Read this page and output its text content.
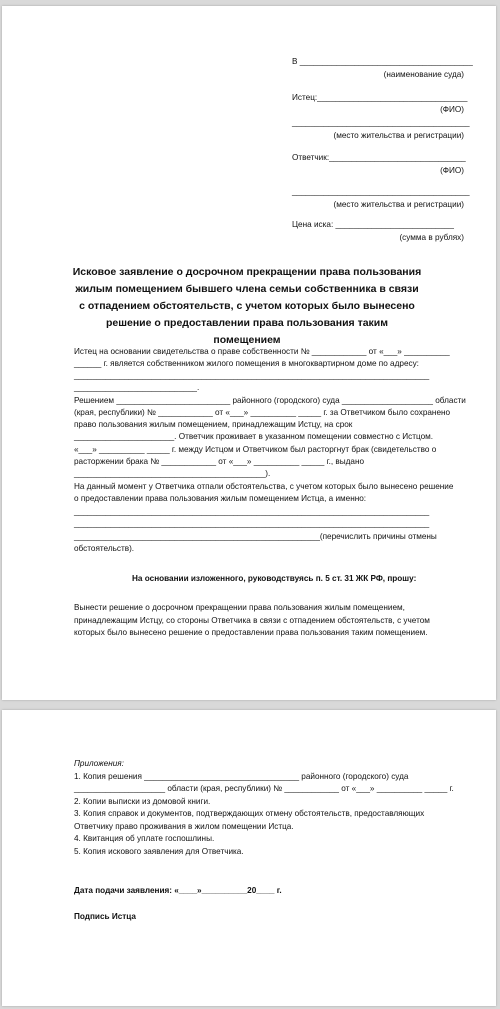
В ______________________________________
(наименование суда)
Истец:_________________________________
(ФИО)
_______________________________________
(место жительства и регистрации)
Ответчик:______________________________
(ФИО)
_______________________________________
(место жительства и регистрации)
Цена иска: __________________________
(сумма в рублях)
Исковое заявление о досрочном прекращении права пользования жилым помещением бывшего члена семьи собственника в связи с отпадением обстоятельств, с учетом которых было вынесено решение о предоставлении права пользования таким помещением
Истец на основании свидетельства о праве собственности № ____________ от «___» __________
______ г. является собственником жилого помещения в многоквартирном доме по адресу:
______________________________________________________________________________
___________________________.
Решением _________________________ районного (городского) суда ____________________ области
(края, республики) № ____________ от «___» __________ _____ г. за Ответчиком было сохранено
право пользования жилым помещением, принадлежащим Истцу, на срок
______________________. Ответчик проживает в указанном помещении совместно с Истцом.
«___» __________ _____ г. между Истцом и Ответчиком был расторгнут брак (свидетельство о
расторжении брака № ____________ от «___» __________ _____ г., выдано
__________________________________________).
На данный момент у Ответчика отпали обстоятельства, с учетом которых было вынесено решение
о предоставлении права пользования жилым помещением Истца, а именно:
______________________________________________________________________________
______________________________________________________________________________
______________________________________________________(перечислить причины отмены
обстоятельств).
На основании изложенного, руководствуясь п. 5 ст. 31 ЖК РФ, прошу:
Вынести решение о досрочном прекращении права пользования жилым помещением,
принадлежащим Истцу, со стороны Ответчика в связи с отпадением обстоятельств, с учетом
которых было вынесено решение о предоставлении права пользования таким помещением.
Приложения:
1. Копия решения __________________________________ районного (городского) суда
____________________ области (края, республики) № ____________ от «___» __________ _____ г.
2. Копии выписки из домовой книги.
3. Копия справок и документов, подтверждающих отмену обстоятельств, предоставляющих
Ответчику право проживания в жилом помещении Истца.
4. Квитанция об уплате госпошлины.
5. Копия искового заявления для Ответчика.
Дата подачи заявления: «____»__________20____ г.
Подпись Истца
